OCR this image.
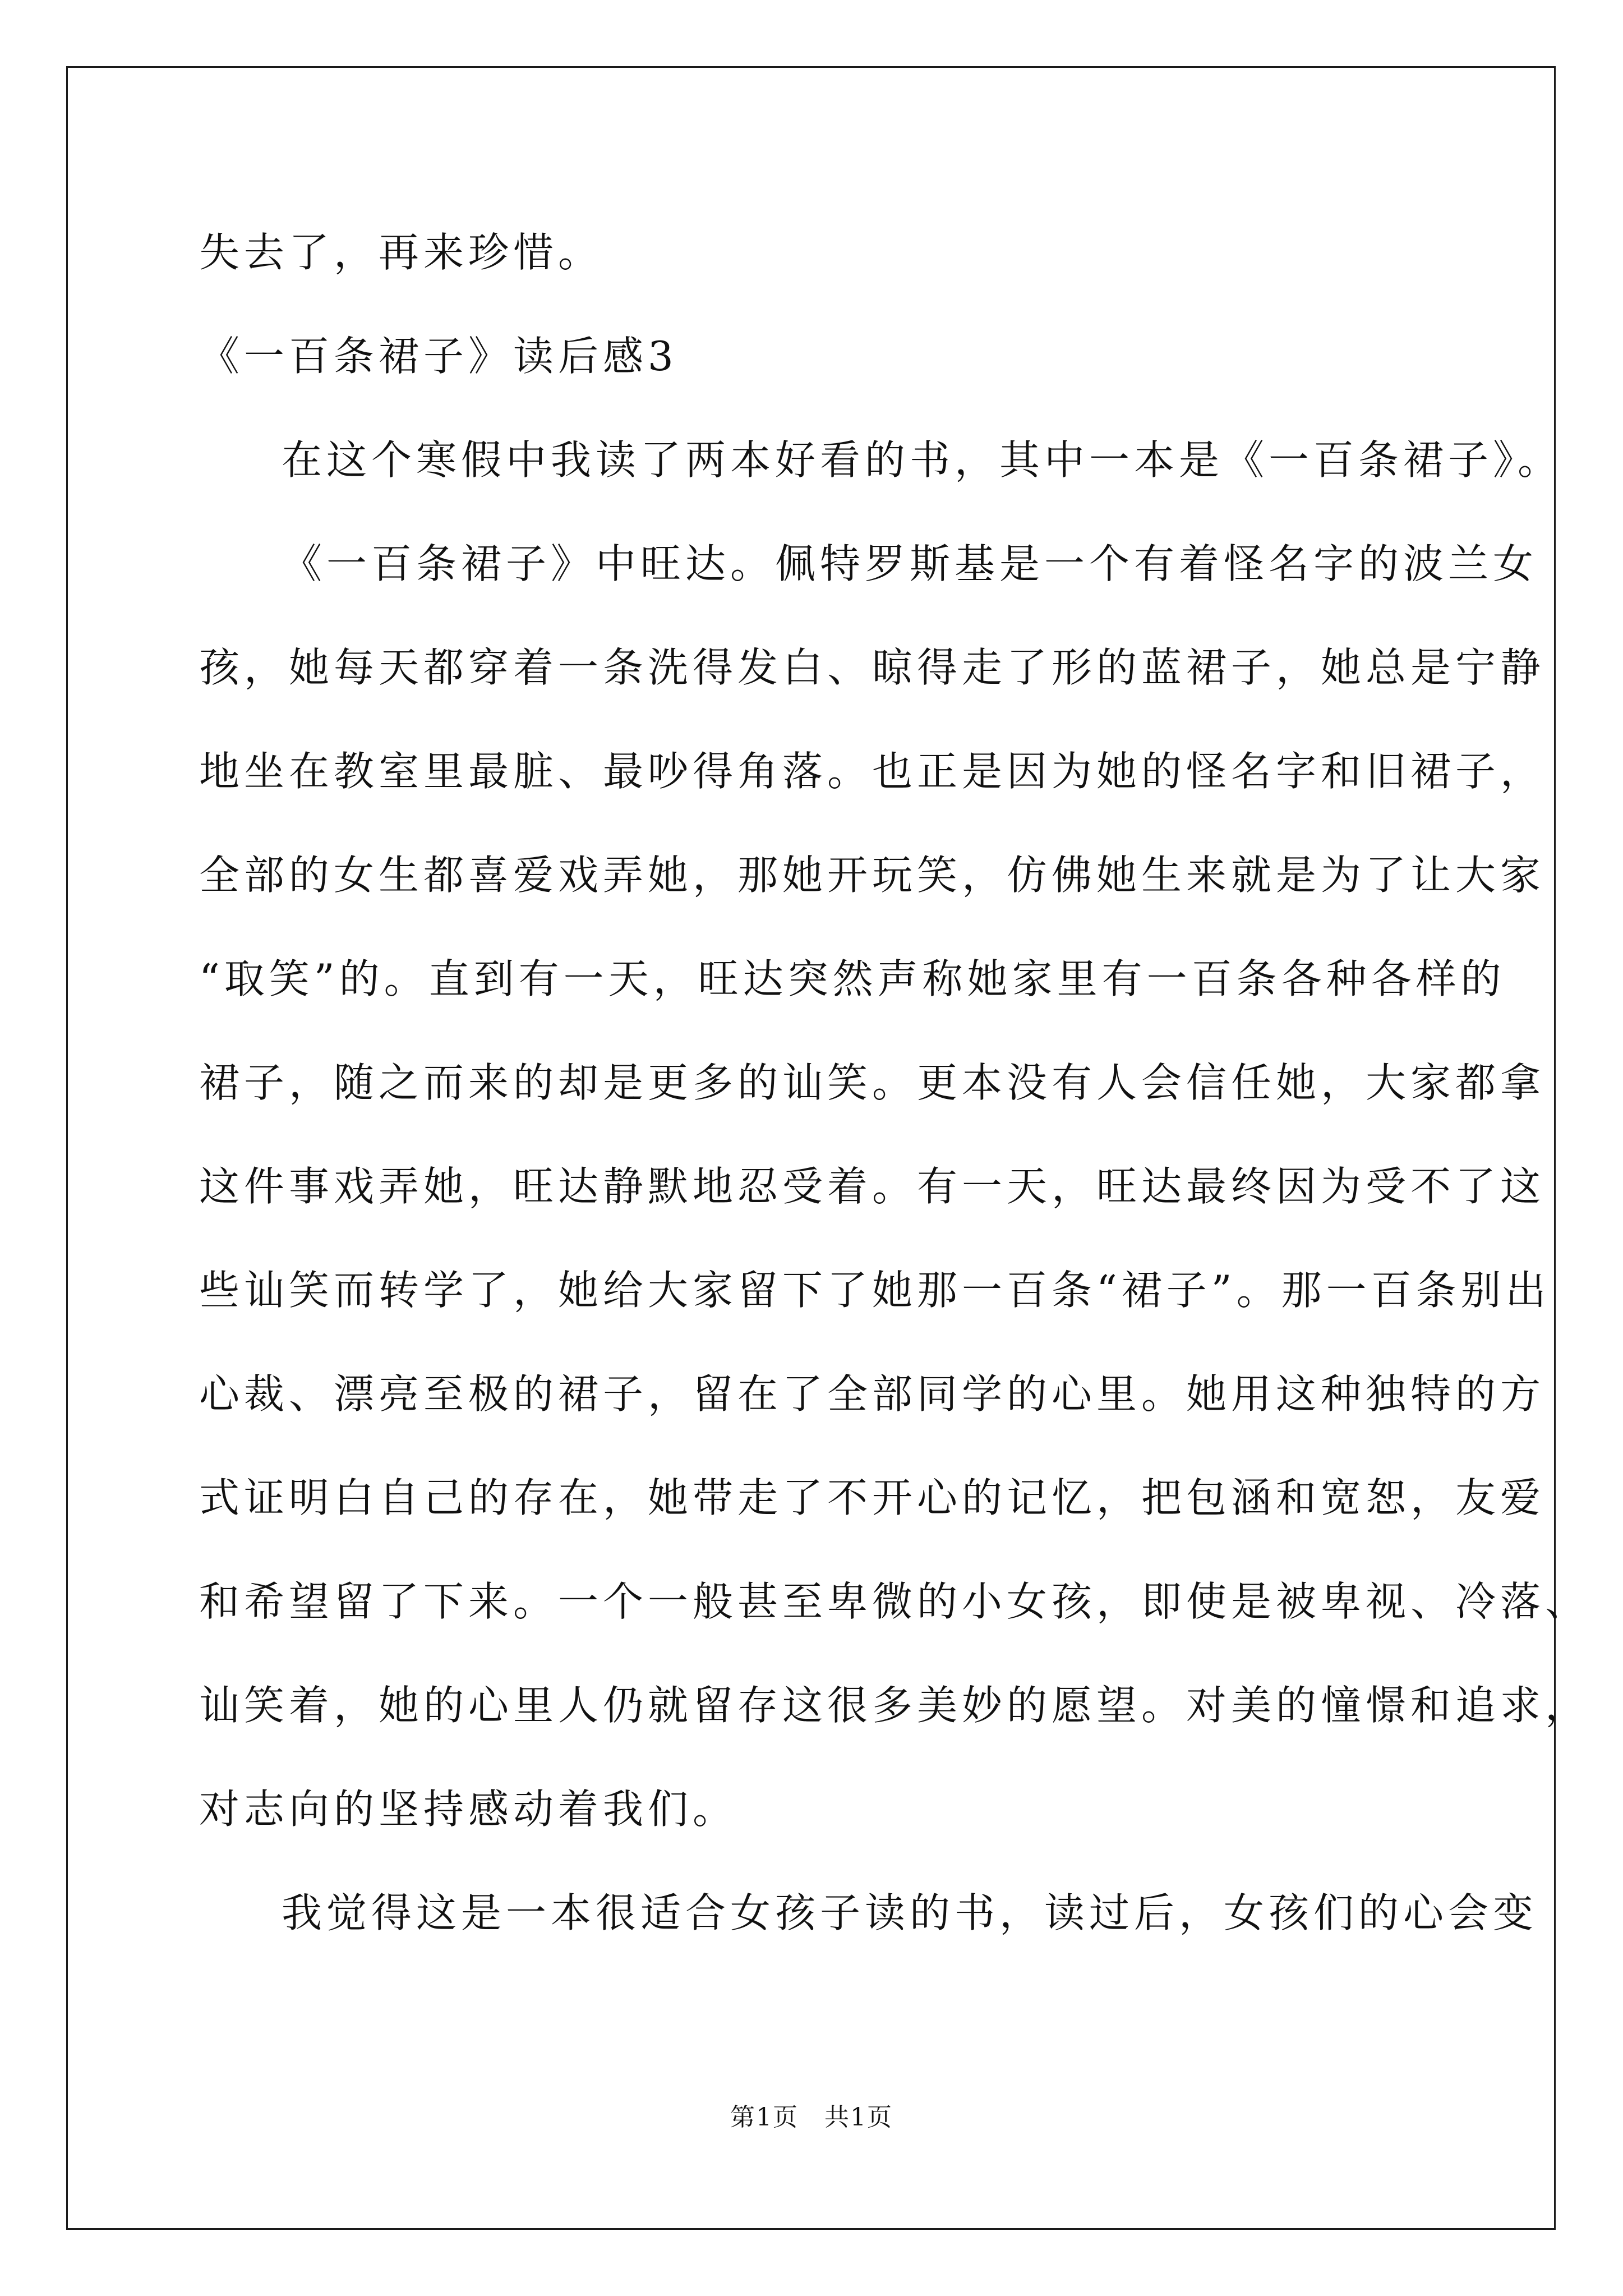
失去了，再来珍惜。
《一百条裙子》读后感3
在这个寒假中我读了两本好看的书，其中一本是《一百条裙子》。
《一百条裙子》中旺达。佩特罗斯基是一个有着怪名字的波兰女
孩，她每天都穿着一条洗得发白、晾得走了形的蓝裙子，她总是宁静
地坐在教室里最脏、最吵得角落。也正是因为她的怪名字和旧裙子，
全部的女生都喜爱戏弄她，那她开玩笑，仿佛她生来就是为了让大家
“取笑”的。直到有一天，旺达突然声称她家里有一百条各种各样的
裙子，随之而来的却是更多的讪笑。更本没有人会信任她，大家都拿
这件事戏弄她，旺达静默地忍受着。有一天，旺达最终因为受不了这
些讪笑而转学了，她给大家留下了她那一百条“裙子”。那一百条别出
心裁、漂亮至极的裙子，留在了全部同学的心里。她用这种独特的方
式证明白自己的存在，她带走了不开心的记忆，把包涵和宽恕，友爱
和希望留了下来。一个一般甚至卑微的小女孩，即使是被卑视、冷落、
讪笑着，她的心里人仍就留存这很多美妙的愿望。对美的憧憬和追求，
对志向的坚持感动着我们。
我觉得这是一本很适合女孩子读的书，读过后，女孩们的心会变
第1页　共1页
